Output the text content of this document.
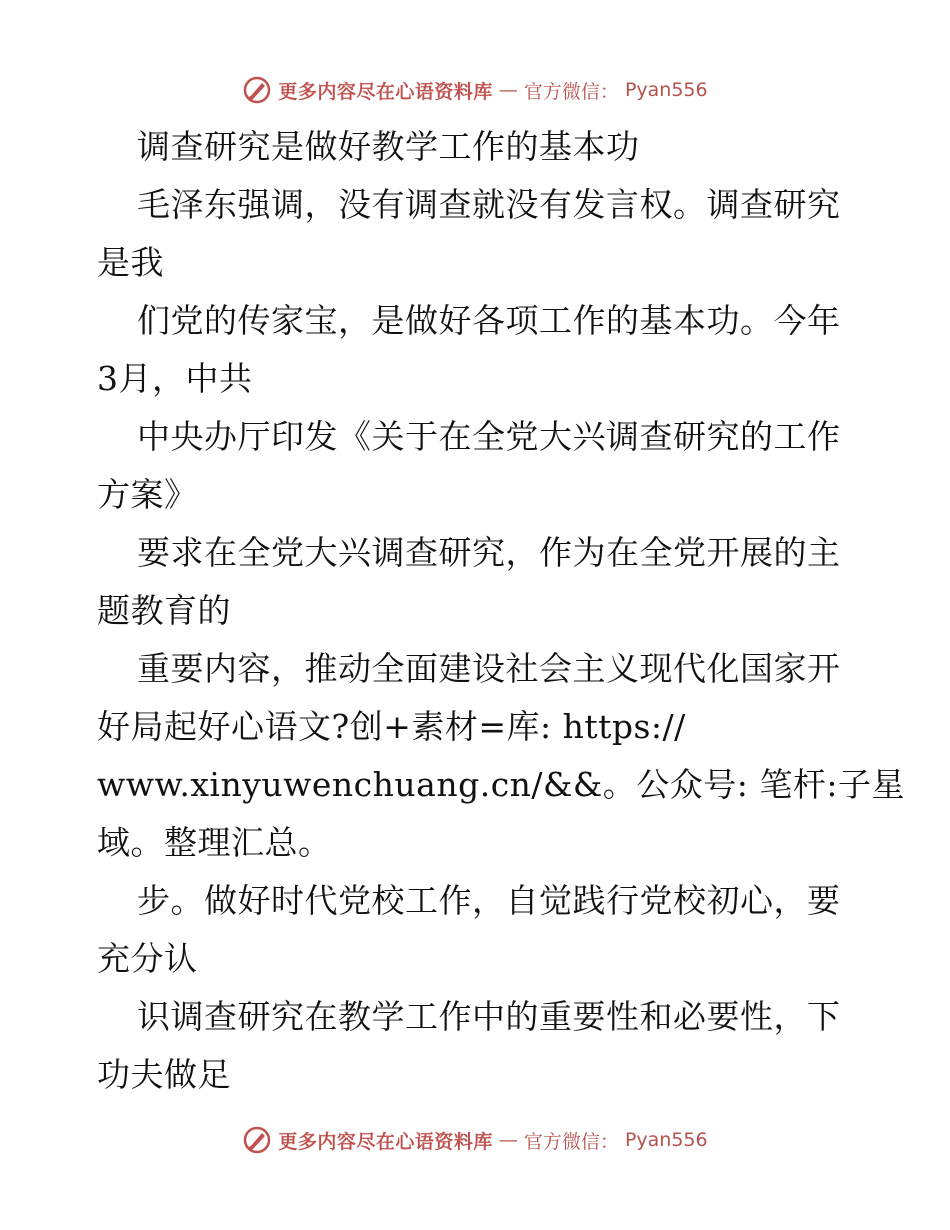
更多内容尽在心语资料库 — 官方微信： Pyan556
调查研究是做好教学工作的基本功
毛泽东强调，没有调查就没有发言权。调查研究
是我
们党的传家宝，是做好各项工作的基本功。今年
3月，中共
中央办厅印发《关于在全党大兴调查研究的工作
方案》
要求在全党大兴调查研究，作为在全党开展的主
题教育的
重要内容，推动全面建设社会主义现代化国家开
好局起好心语文?创+素材=库: https://
www.xinyuwenchuang.cn/&&。公众号: 笔杆:子星
域。整理汇总。
步。做好时代党校工作，自觉践行党校初心，要
充分认
识调查研究在教学工作中的重要性和必要性，下
功夫做足
更多内容尽在心语资料库 — 官方微信： Pyan556
